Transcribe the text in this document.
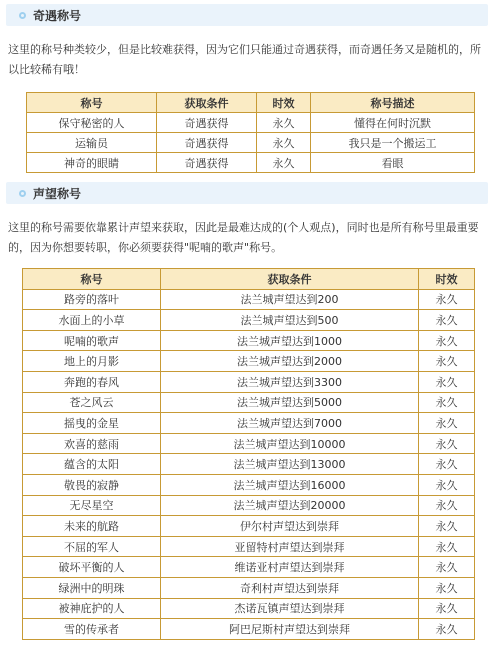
奇遇称号
这里的称号种类较少，但是比较难获得，因为它们只能通过奇遇获得，而奇遇任务又是随机的，所以比较稀有哦！
称号	获取条件	时效	称号描述
保守秘密的人	奇遇获得	永久	懂得在何时沉默
运输员	奇遇获得	永久	我只是一个搬运工
神奇的眼睛	奇遇获得	永久	看眼
声望称号
这里的称号需要依靠累计声望来获取，因此是最难达成的(个人观点)，同时也是所有称号里最重要的，因为你想要转职，你必须要获得"呢喃的歌声"称号。
称号	获取条件	时效
路旁的落叶	法兰城声望达到200	永久
水面上的小草	法兰城声望达到500	永久
呢喃的歌声	法兰城声望达到1000	永久
地上的月影	法兰城声望达到2000	永久
奔跑的春风	法兰城声望达到3300	永久
苍之风云	法兰城声望达到5000	永久
摇曳的金星	法兰城声望达到7000	永久
欢喜的慈雨	法兰城声望达到10000	永久
蕴含的太阳	法兰城声望达到13000	永久
敬畏的寂静	法兰城声望达到16000	永久
无尽星空	法兰城声望达到20000	永久
未来的航路	伊尔村声望达到崇拜	永久
不屈的军人	亚留特村声望达到崇拜	永久
破坏平衡的人	维诺亚村声望达到崇拜	永久
绿洲中的明珠	奇利村声望达到崇拜	永久
被神庇护的人	杰诺瓦镇声望达到崇拜	永久
雪的传承者	阿巴尼斯村声望达到崇拜	永久
